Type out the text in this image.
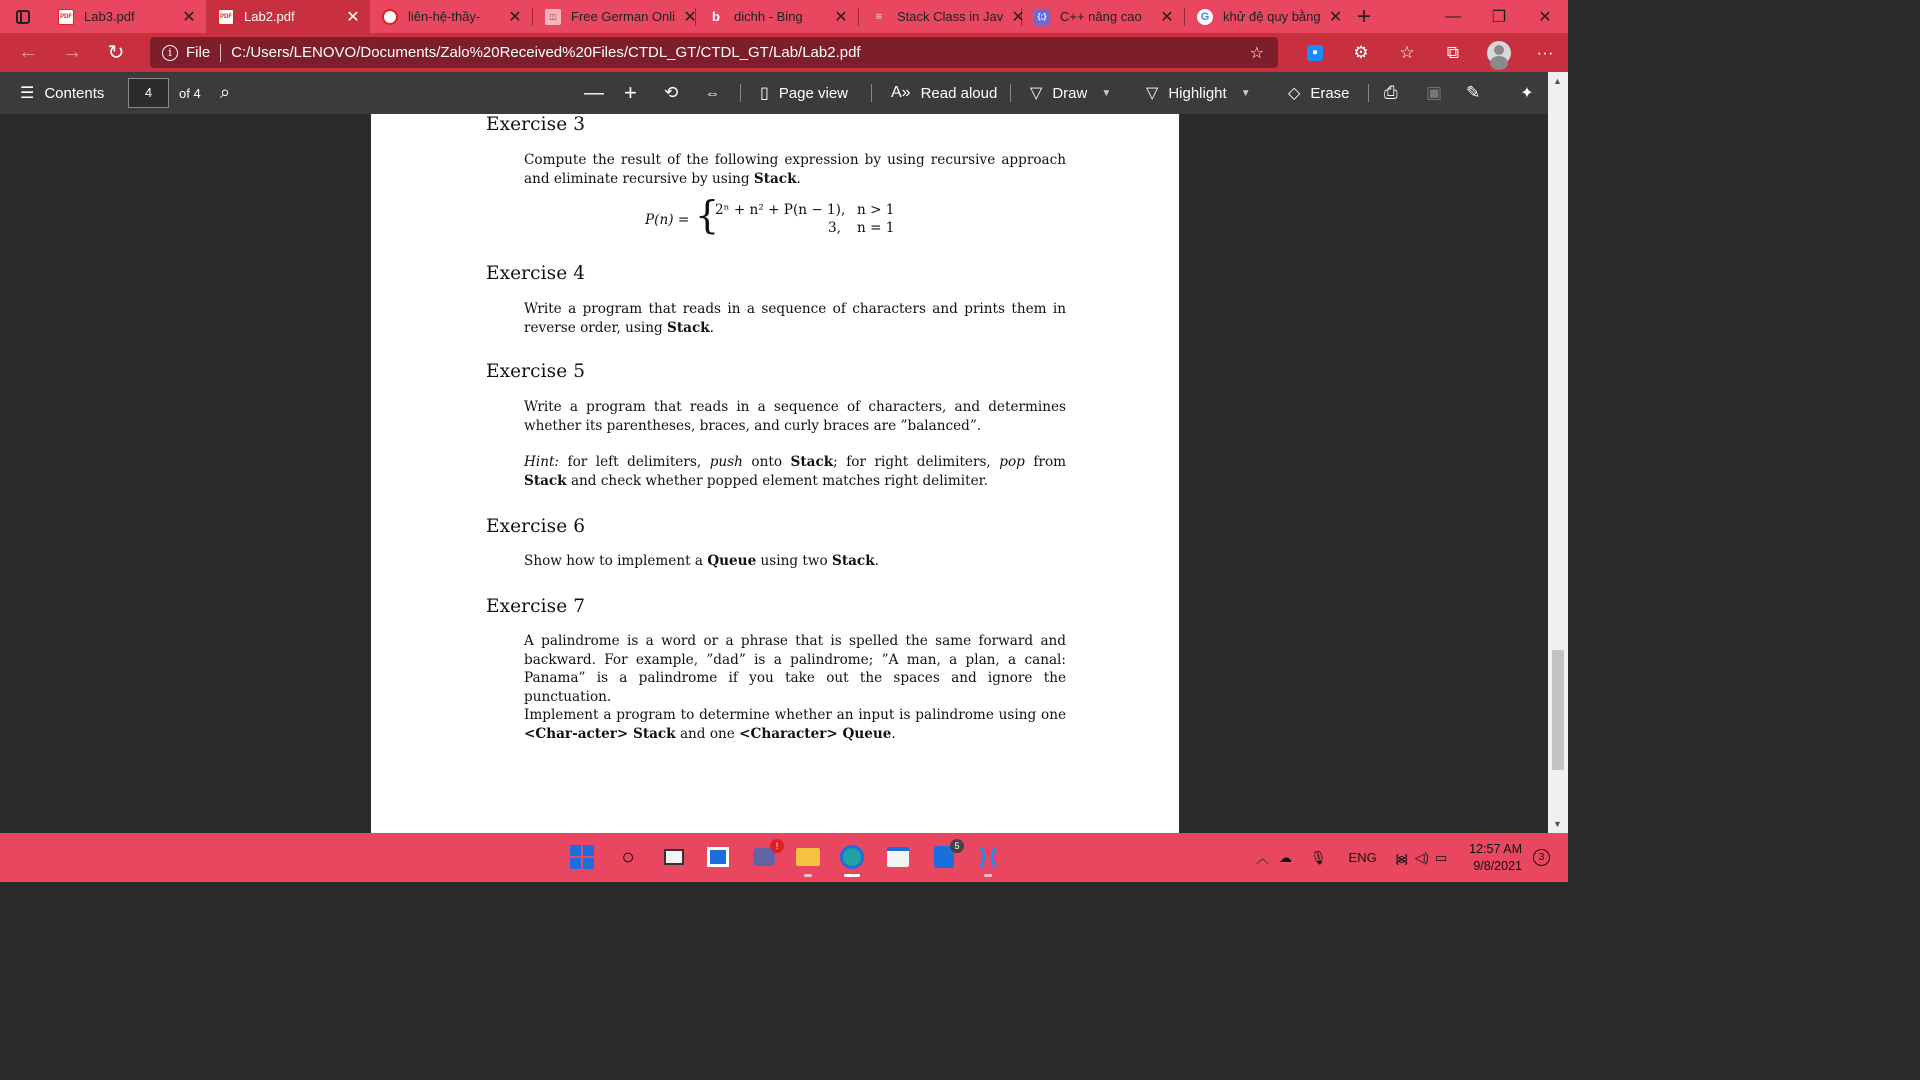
PDF Lab3.pdf	✕	PDF Lab2.pdf	✕	liên-hệ-thầy-	✕	◫	Free German Onli ✕	b	dichh - Bing	✕	≋	Stack Class in Jav ✕	{;} C++ nâng cao	✕	G khử đệ quy bằng ✕ +	—	❐	✕
←	→	↻	i File C:/Users/LENOVO/Documents/Zalo%20Received%20Files/CTDL_GT/CTDL_GT/Lab/Lab2.pdf	☆	● ⚙ ☆ ⧉	···
☰ Contents	4	of 4 ⌕	— + ⟲ ⇔	▯ Page view	A» Read aloud ▽ Draw ▼ ▽ Highlight ▼ ◇ Erase ⎙ ▣ ✎	✦
Exercise 3
Compute the result of the following expression by using recursive approach and eliminate recursive by using Stack.
P(n) = {
2ⁿ + n² + P(n − 1), n > 1
3, n = 1
Exercise 4
Write a program that reads in a sequence of characters and prints them in reverse order, using Stack.
Exercise 5
Write a program that reads in a sequence of characters, and determines whether its parentheses, braces, and curly braces are ”balanced”.
Hint: for left delimiters, push onto Stack; for right delimiters, pop from Stack and check whether popped element matches right delimiter.
Exercise 6
Show how to implement a Queue using two Stack.
Exercise 7
A palindrome is a word or a phrase that is spelled the same forward and backward. For example, ”dad” is a palindrome; ”A man, a plan, a canal: Panama” is a palindrome if you take out the spaces and ignore the punctuation.
Implement a program to determine whether an input is palindrome using one <Char-acter> Stack and one <Character> Queue.
▲
▼
○	!	5 ⟩⟨	︿ ☁ 🎙 ENG ᯼ ◁) ▭
12:57 AM
9/8/2021
3
